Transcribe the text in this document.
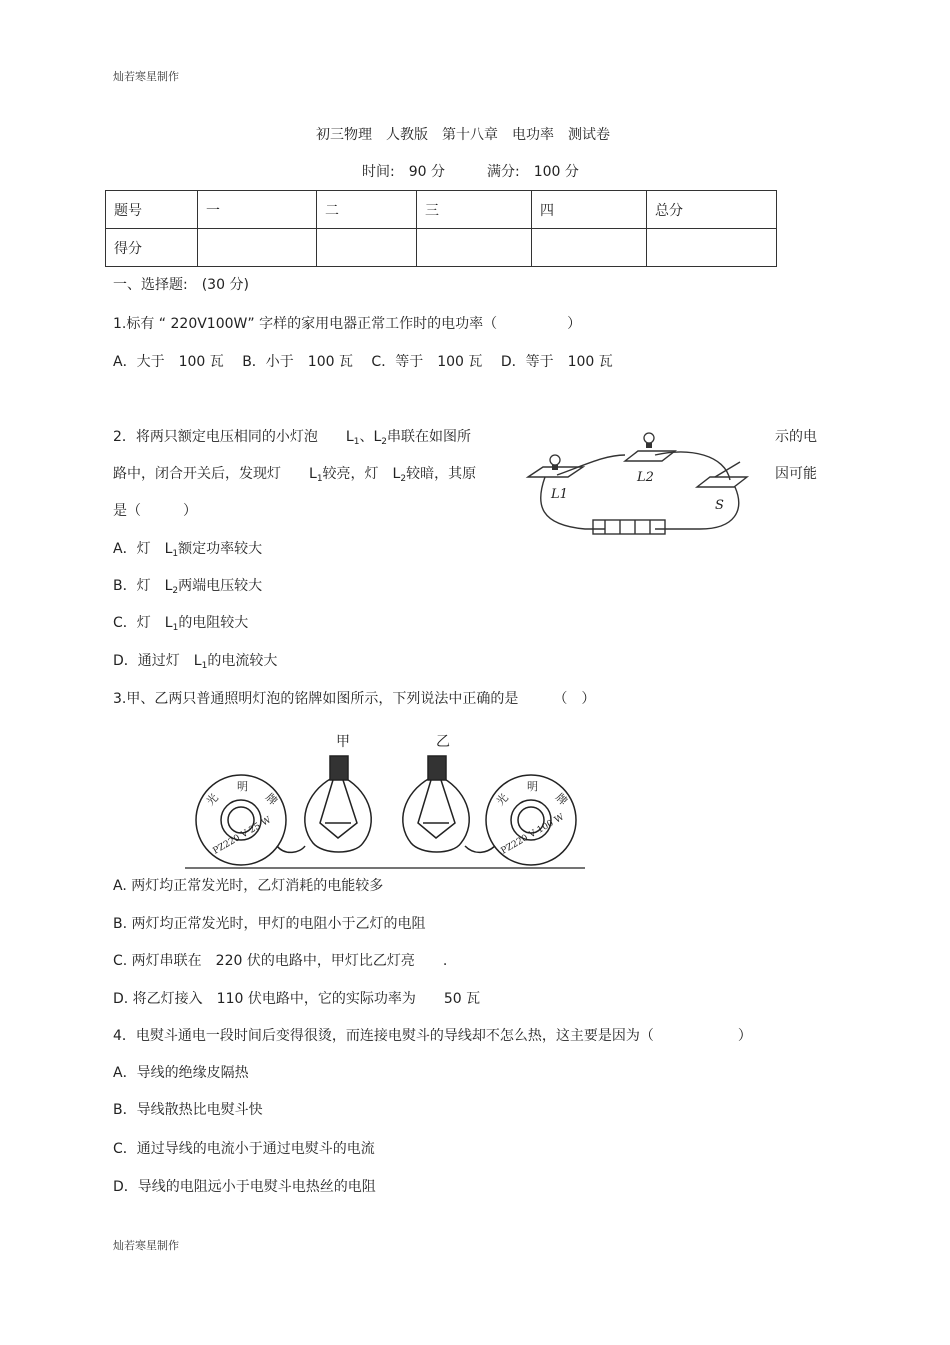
灿若寒星制作
初三物理　人教版　第十八章　电功率　测试卷
时间:　90 分　　　满分:　100 分
题号	一	二	三	四	总分
得分					
一、选择题:　(30 分)
1.标有 “ 220V100W” 字样的家用电器正常工作时的电功率（　　　　　）
A．大于　100 瓦　 B．小于　100 瓦　 C．等于　100 瓦　 D．等于　100 瓦
2．将两只额定电压相同的小灯泡　　$L_1$、$L_2$串联在如图所	示的电
路中，闭合开关后，发现灯　　$L_1$较亮，灯　$L_2$较暗，其原	因可能
是（　　　）
L1
L2
S
A．灯　$L_1$额定功率较大
B．灯　$L_2$两端电压较大
C．灯　$L_1$的电阻较大
D．通过灯　$L_1$的电流较大
3.甲、乙两只普通照明灯泡的铭牌如图所示，下列说法中正确的是　　　（　）
甲	乙
光
明
牌
PZ220 V 25 W
光
明
牌
PZ220 V 100 W
A. 两灯均正常发光时，乙灯消耗的电能较多
B. 两灯均正常发光时，甲灯的电阻小于乙灯的电阻
C. 两灯串联在　220 伏的电路中，甲灯比乙灯亮　　.
D. 将乙灯接入　110 伏电路中，它的实际功率为　　50 瓦
4．电熨斗通电一段时间后变得很烫，而连接电熨斗的导线却不怎么热，这主要是因为（　　　　　　）
A．导线的绝缘皮隔热
B．导线散热比电熨斗快
C．通过导线的电流小于通过电熨斗的电流
D．导线的电阻远小于电熨斗电热丝的电阻
灿若寒星制作
